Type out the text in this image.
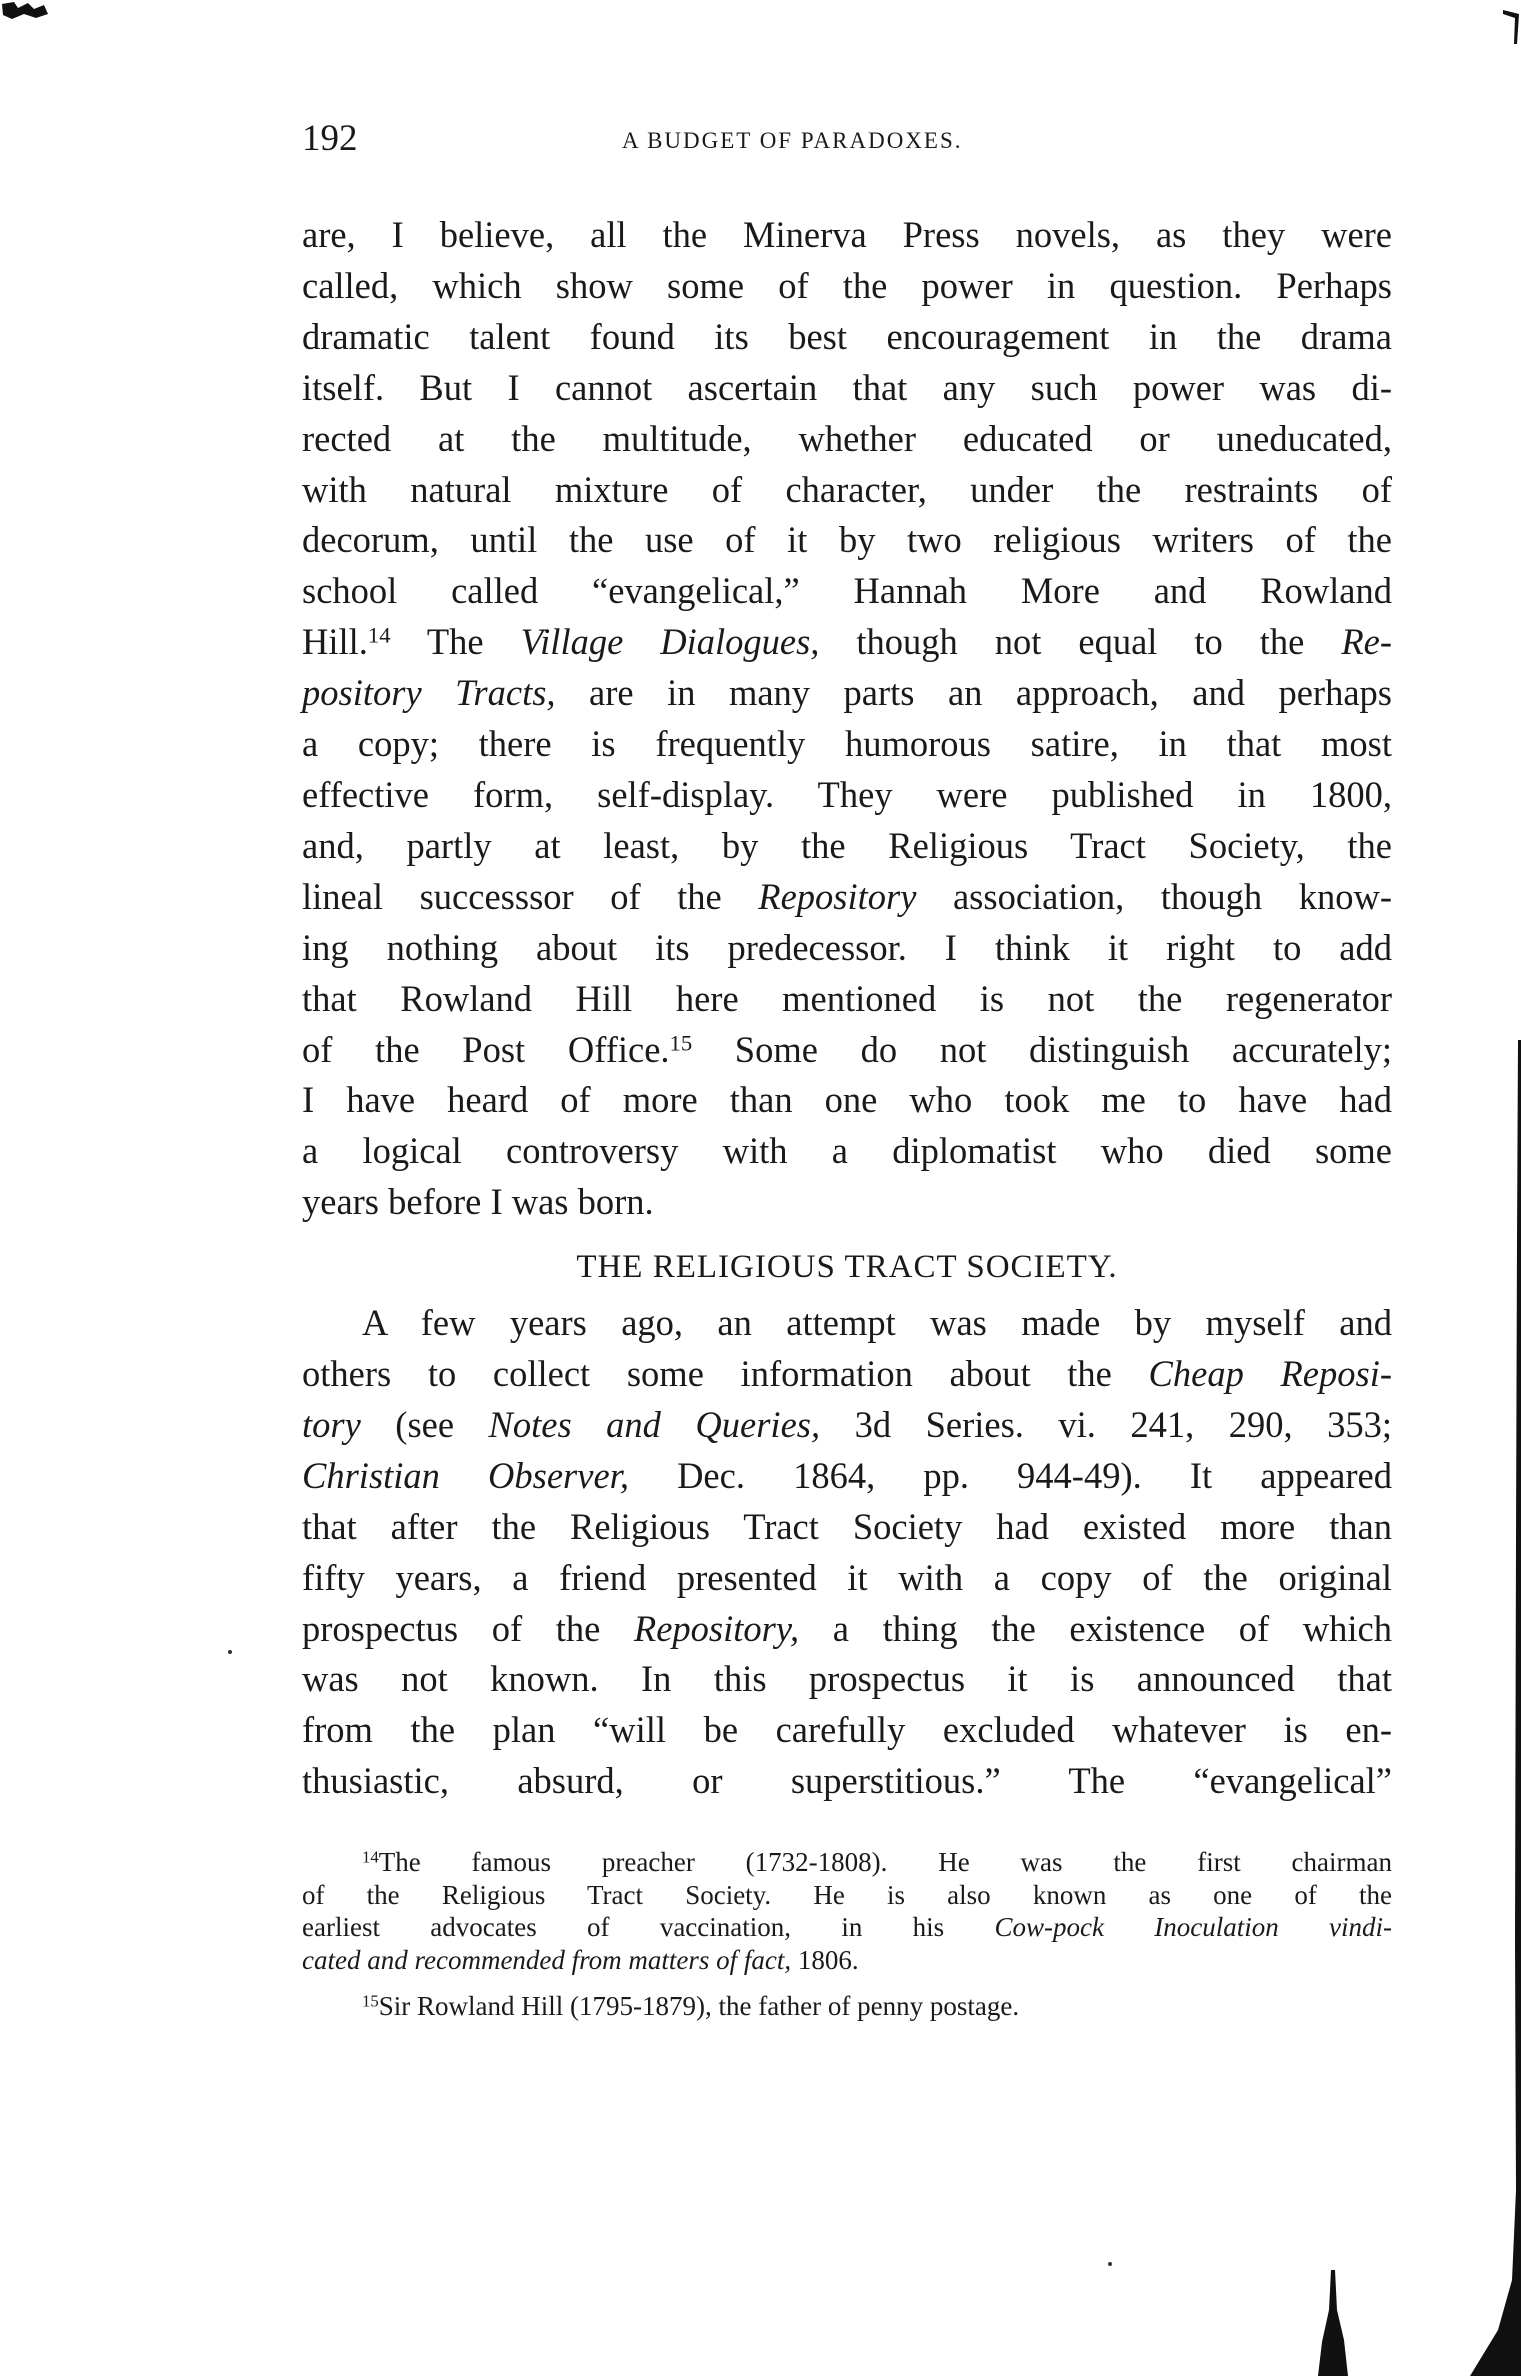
192	A BUDGET OF PARADOXES.
are, I believe, all the Minerva Press novels, as they were
called, which show some of the power in question. Perhaps
dramatic talent found its best encouragement in the drama
itself. But I cannot ascertain that any such power was di-
rected at the multitude, whether educated or uneducated,
with natural mixture of character, under the restraints of
decorum, until the use of it by two religious writers of the
school called “evangelical,” Hannah More and Rowland
Hill.$^{14}$ The Village Dialogues, though not equal to the Re-
pository Tracts, are in many parts an approach, and perhaps
a copy; there is frequently humorous satire, in that most
effective form, self-display. They were published in 1800,
and, partly at least, by the Religious Tract Society, the
lineal successsor of the Repository association, though know-
ing nothing about its predecessor. I think it right to add
that Rowland Hill here mentioned is not the regenerator
of the Post Office.$^{15}$ Some do not distinguish accurately;
I have heard of more than one who took me to have had
a logical controversy with a diplomatist who died some
years before I was born.
THE RELIGIOUS TRACT SOCIETY.
A few years ago, an attempt was made by myself and
others to collect some information about the Cheap Reposi-
tory (see Notes and Queries, 3d Series. vi. 241, 290, 353;
Christian Observer, Dec. 1864, pp. 944-49). It appeared
that after the Religious Tract Society had existed more than
fifty years, a friend presented it with a copy of the original
prospectus of the Repository, a thing the existence of which
was not known. In this prospectus it is announced that
from the plan “will be carefully excluded whatever is en-
thusiastic, absurd, or superstitious.” The “evangelical”
$^{14}$The famous preacher (1732-1808). He was the first chairman
of the Religious Tract Society. He is also known as one of the
earliest advocates of vaccination, in his Cow-pock Inoculation vindi-
cated and recommended from matters of fact, 1806.
$^{15}$Sir Rowland Hill (1795-1879), the father of penny postage.
